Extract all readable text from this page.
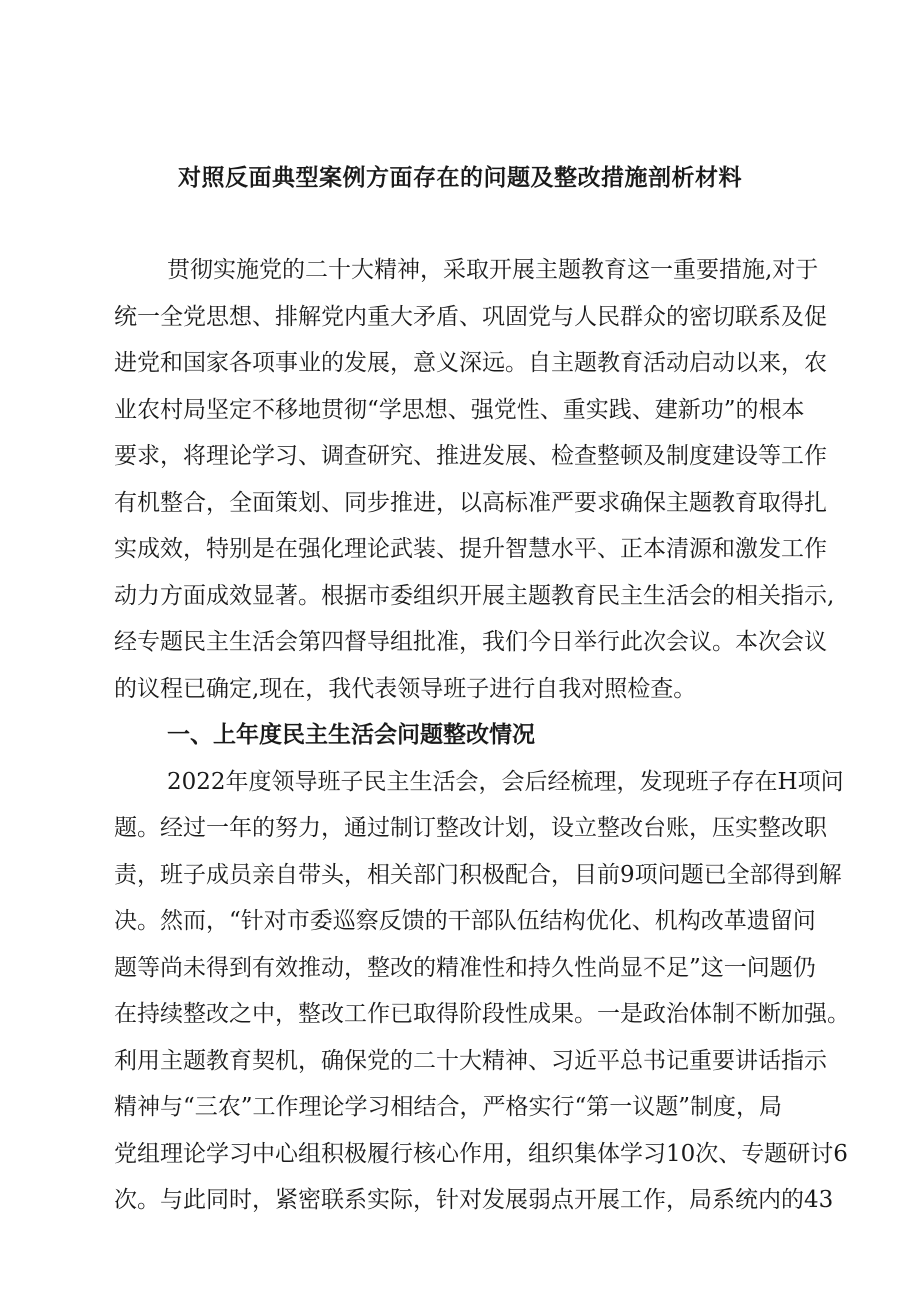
对照反面典型案例方面存在的问题及整改措施剖析材料
贯彻实施党的二十大精神，采取开展主题教育这一重要措施,对于
统一全党思想、排解党内重大矛盾、巩固党与人民群众的密切联系及促
进党和国家各项事业的发展，意义深远。自主题教育活动启动以来，农
业农村局坚定不移地贯彻“学思想、强党性、重实践、建新功”的根本
要求，将理论学习、调查研究、推进发展、检查整顿及制度建设等工作
有机整合，全面策划、同步推进，以高标准严要求确保主题教育取得扎
实成效，特别是在强化理论武装、提升智慧水平、正本清源和激发工作
动力方面成效显著。根据市委组织开展主题教育民主生活会的相关指示,
经专题民主生活会第四督导组批准，我们今日举行此次会议。本次会议
的议程已确定,现在，我代表领导班子进行自我对照检查。
一、上年度民主生活会问题整改情况
2022年度领导班子民主生活会，会后经梳理，发现班子存在H项问
题。经过一年的努力，通过制订整改计划，设立整改台账，压实整改职
责，班子成员亲自带头，相关部门积极配合，目前9项问题已全部得到解
决。然而，“针对市委巡察反馈的干部队伍结构优化、机构改革遗留问
题等尚未得到有效推动，整改的精准性和持久性尚显不足”这一问题仍
在持续整改之中，整改工作已取得阶段性成果。一是政治体制不断加强。
利用主题教育契机，确保党的二十大精神、习近平总书记重要讲话指示
精神与“三农”工作理论学习相结合，严格实行“第一议题”制度，局
党组理论学习中心组积极履行核心作用，组织集体学习10次、专题研讨6
次。与此同时，紧密联系实际，针对发展弱点开展工作，局系统内的43
